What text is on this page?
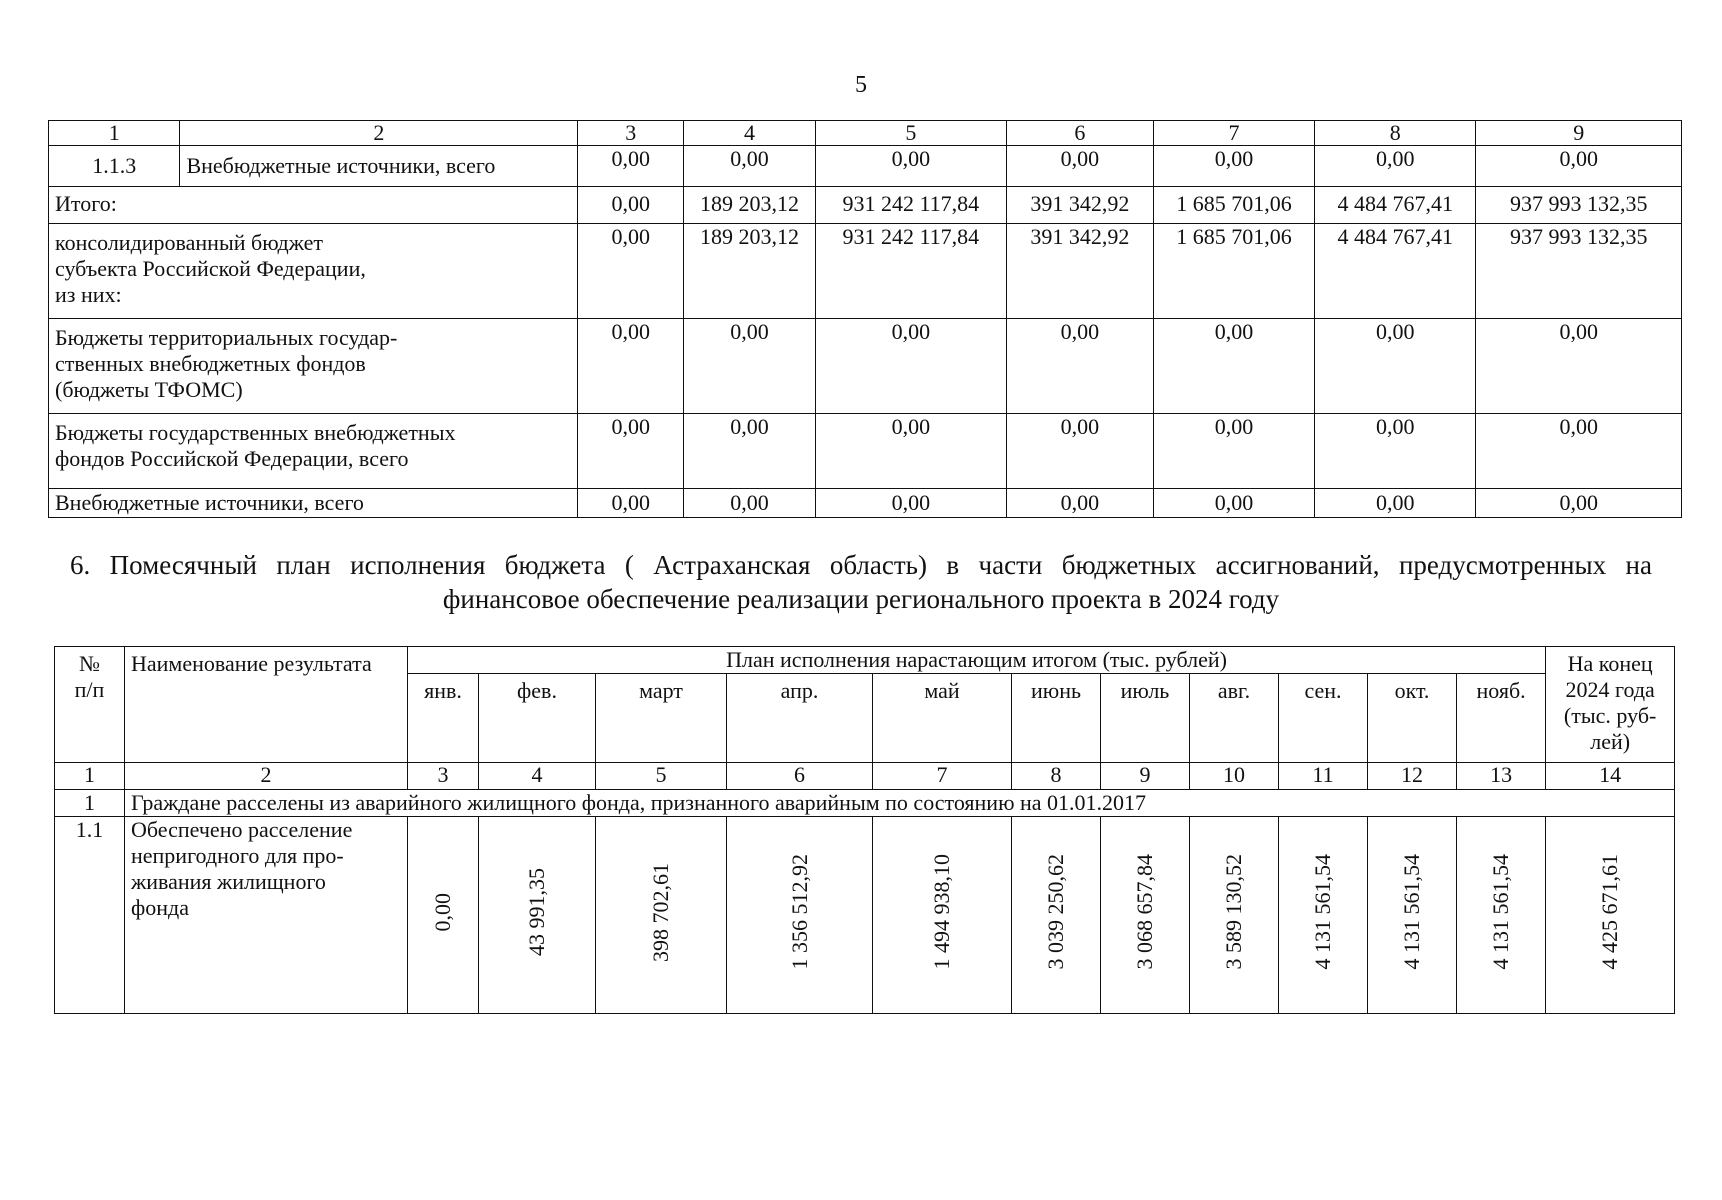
5
1	2	3	4	5	6	7	8	9
1.1.3	Внебюджетные источники, всего	0,00	0,00	0,00	0,00	0,00	0,00	0,00
Итого:		0,00	189 203,12	931 242 117,84	391 342,92	1 685 701,06	4 484 767,41	937 993 132,35

консолидированный бюджет
субъекта Российской Федерации,
из них:		0,00	189 203,12	931 242 117,84	391 342,92	1 685 701,06	4 484 767,41	937 993 132,35

Бюджеты территориальных государ-
ственных внебюджетных фондов
(бюджеты ТФОМС)		0,00	0,00	0,00	0,00	0,00	0,00	0,00

Бюджеты государственных внебюджетных
фондов Российской Федерации, всего		0,00	0,00	0,00	0,00	0,00	0,00	0,00
Внебюджетные источники, всего		0,00	0,00	0,00	0,00	0,00	0,00	0,00
6. Помесячный план исполнения бюджета ( Астраханская область) в части бюджетных ассигнований, предусмотренных на
финансовое обеспечение реализации регионального проекта в 2024 году
№
п/п	Наименование результата	План исполнения нарастающим итогом (тыс. рублей)											На конец
2024 года
(тыс. руб-
лей)

		янв.	фев.	март	апр.	май	июнь	июль	авг.	сен.	окт.	нояб.	
1	2	3	4	5	6	7	8	9	10	11	12	13	14
1	Граждане расселены из аварийного жилищного фонда, признанного аварийным по состоянию на 01.01.2017												
1.1	Обеспечено расселение
непригодного для про-
живания жилищного
фонда	0,00	43 991,35	398 702,61	1 356 512,92	1 494 938,10	3 039 250,62	3 068 657,84	3 589 130,52	4 131 561,54	4 131 561,54	4 131 561,54	4 425 671,61
